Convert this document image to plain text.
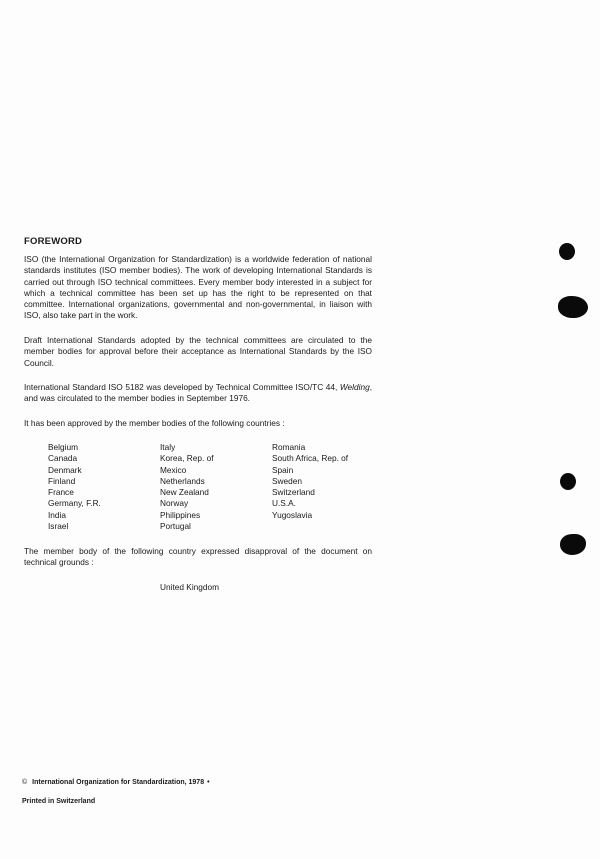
FOREWORD

ISO (the International Organization for Standardization) is a worldwide federation of national standards institutes (ISO member bodies). The work of developing International Standards is carried out through ISO technical committees. Every member body interested in a subject for which a technical committee has been set up has the right to be represented on that committee. International organizations, governmental and non-governmental, in liaison with ISO, also take part in the work.

Draft International Standards adopted by the technical committees are circulated to the member bodies for approval before their acceptance as International Standards by the ISO Council.

International Standard ISO 5182 was developed by Technical Committee ISO/TC 44, Welding, and was circulated to the member bodies in September 1976.

It has been approved by the member bodies of the following countries :

Belgium
Canada
Denmark
Finland
France
Germany, F.R.
India
Israel
Italy
Korea, Rep. of
Mexico
Netherlands
New Zealand
Norway
Philippines
Portugal
Romania
South Africa, Rep. of
Spain
Sweden
Switzerland
U.S.A.
Yugoslavia

The member body of the following country expressed disapproval of the document on technical grounds :

United Kingdom
© International Organization for Standardization, 1978 •
Printed in Switzerland
